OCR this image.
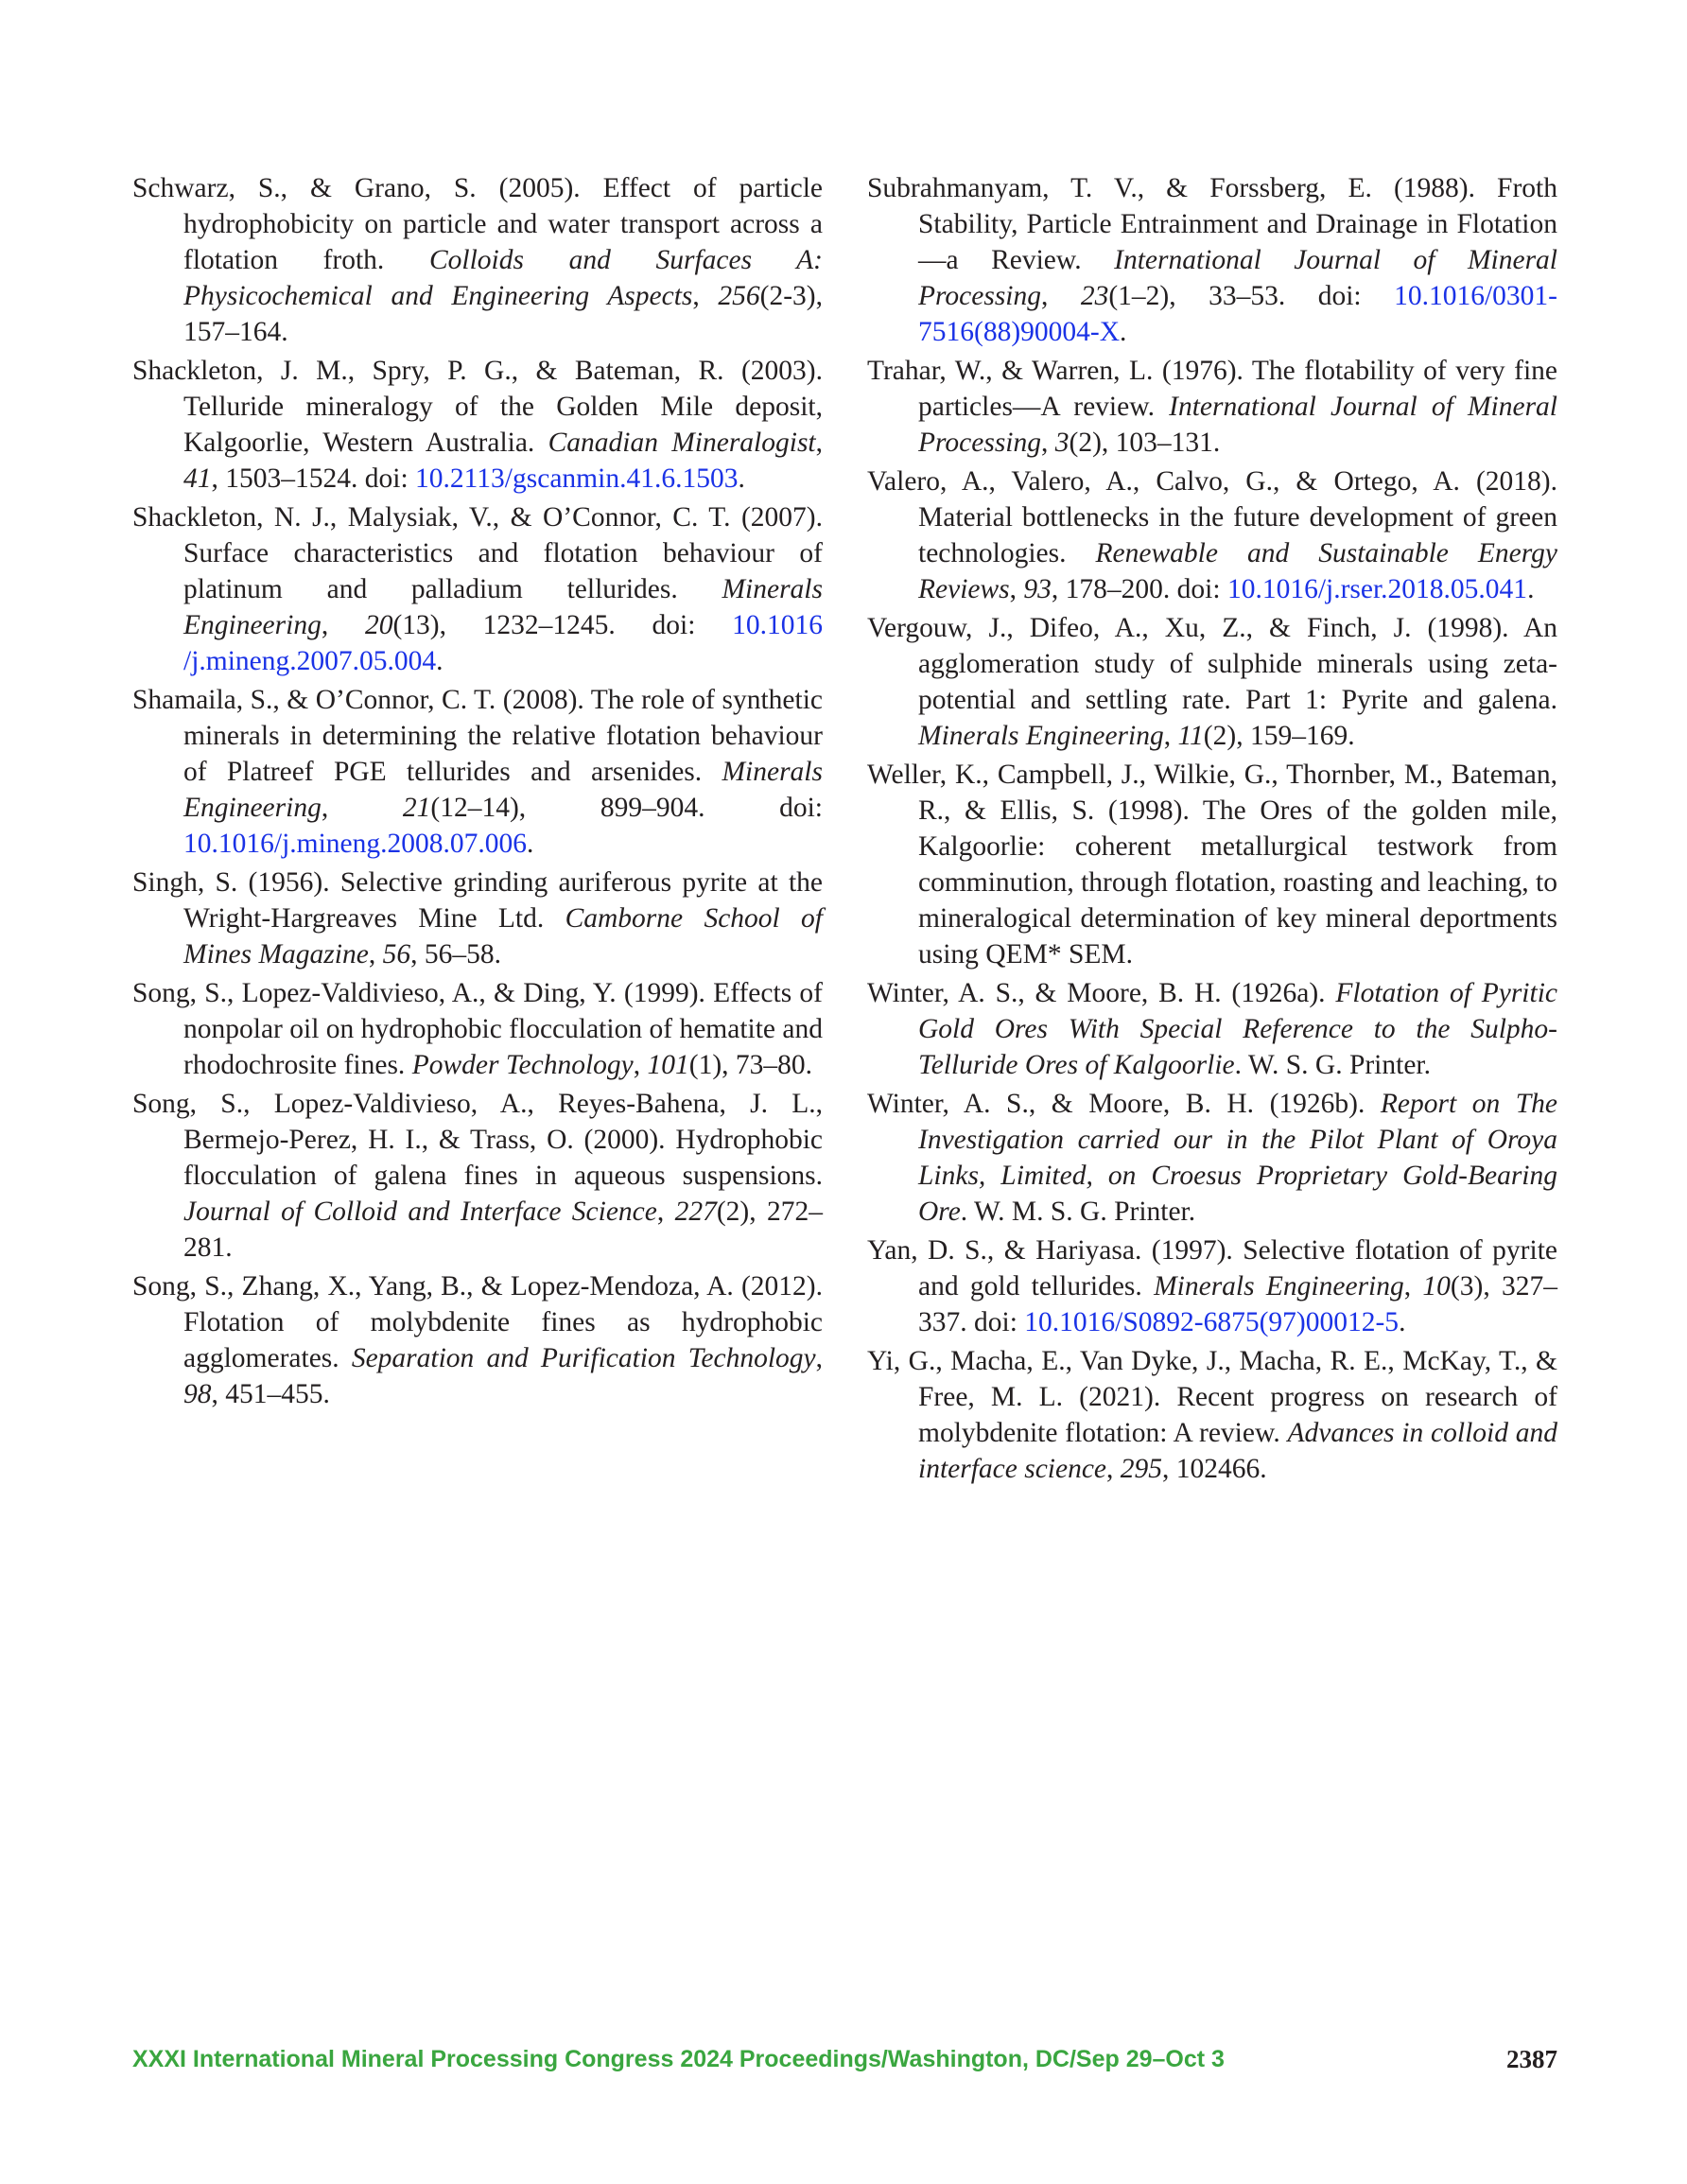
Schwarz, S., & Grano, S. (2005). Effect of particle hydrophobicity on particle and water transport across a flotation froth. Colloids and Surfaces A: Physicochemical and Engineering Aspects, 256(2-3), 157–164.

Shackleton, J. M., Spry, P. G., & Bateman, R. (2003). Telluride mineralogy of the Golden Mile deposit, Kalgoorlie, Western Australia. Canadian Mineralogist, 41, 1503–1524. doi: 10.2113/gscanmin.41.6.1503.

Shackleton, N. J., Malysiak, V., & O’Connor, C. T. (2007). Surface characteristics and flotation behaviour of platinum and palladium tellurides. Minerals Engineering, 20(13), 1232–1245. doi: 10.1016 /j.mineng.2007.05.004.

Shamaila, S., & O’Connor, C. T. (2008). The role of synthetic minerals in determining the relative flotation behaviour of Platreef PGE tellurides and arsenides. Minerals Engineering, 21(12–14), 899–904. doi: 10.1016/j.mineng.2008.07.006.

Singh, S. (1956). Selective grinding auriferous pyrite at the Wright-Hargreaves Mine Ltd. Camborne School of Mines Magazine, 56, 56–58.

Song, S., Lopez-Valdivieso, A., & Ding, Y. (1999). Effects of nonpolar oil on hydrophobic flocculation of hematite and rhodochrosite fines. Powder Technology, 101(1), 73–80.

Song, S., Lopez-Valdivieso, A., Reyes-Bahena, J. L., Bermejo-Perez, H. I., & Trass, O. (2000). Hydrophobic flocculation of galena fines in aqueous suspensions. Journal of Colloid and Interface Science, 227(2), 272–281.

Song, S., Zhang, X., Yang, B., & Lopez-Mendoza, A. (2012). Flotation of molybdenite fines as hydrophobic agglomerates. Separation and Purification Technology, 98, 451–455.

Subrahmanyam, T. V., & Forssberg, E. (1988). Froth Stability, Particle Entrainment and Drainage in Flotation—a Review. International Journal of Mineral Processing, 23(1–2), 33–53. doi: 10.1016/0301-7516(88)90004-X.

Trahar, W., & Warren, L. (1976). The flotability of very fine particles—A review. International Journal of Mineral Processing, 3(2), 103–131.

Valero, A., Valero, A., Calvo, G., & Ortego, A. (2018). Material bottlenecks in the future development of green technologies. Renewable and Sustainable Energy Reviews, 93, 178–200. doi: 10.1016/j.rser.2018.05.041.

Vergouw, J., Difeo, A., Xu, Z., & Finch, J. (1998). An agglomeration study of sulphide minerals using zeta-potential and settling rate. Part 1: Pyrite and galena. Minerals Engineering, 11(2), 159–169.

Weller, K., Campbell, J., Wilkie, G., Thornber, M., Bateman, R., & Ellis, S. (1998). The Ores of the golden mile, Kalgoorlie: coherent metallurgical testwork from comminution, through flotation, roasting and leaching, to mineralogical determination of key mineral deportments using QEM* SEM.

Winter, A. S., & Moore, B. H. (1926a). Flotation of Pyritic Gold Ores With Special Reference to the Sulpho-Telluride Ores of Kalgoorlie. W. S. G. Printer.

Winter, A. S., & Moore, B. H. (1926b). Report on The Investigation carried our in the Pilot Plant of Oroya Links, Limited, on Croesus Proprietary Gold-Bearing Ore. W. M. S. G. Printer.

Yan, D. S., & Hariyasa. (1997). Selective flotation of pyrite and gold tellurides. Minerals Engineering, 10(3), 327–337. doi: 10.1016/S0892-6875(97)00012-5.

Yi, G., Macha, E., Van Dyke, J., Macha, R. E., McKay, T., & Free, M. L. (2021). Recent progress on research of molybdenite flotation: A review. Advances in colloid and interface science, 295, 102466.

XXXI International Mineral Processing Congress 2024 Proceedings/Washington, DC/Sep 29–Oct 3	2387
